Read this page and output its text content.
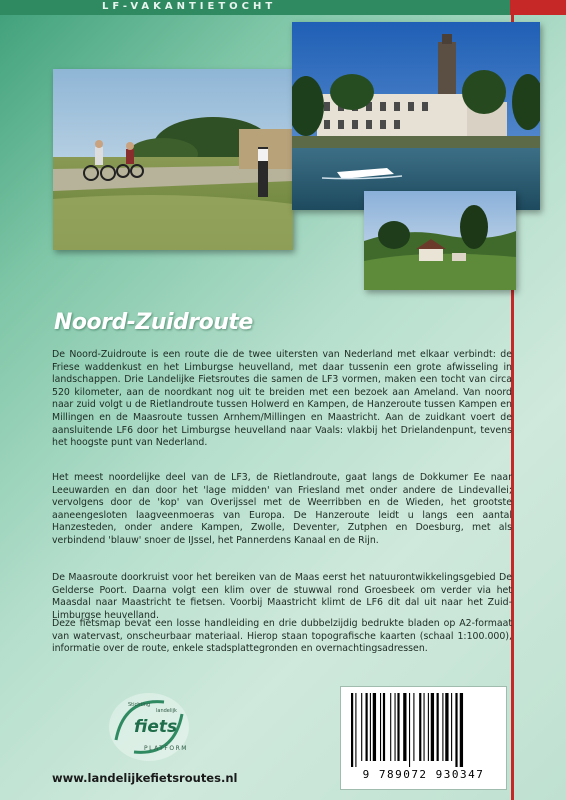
LF-VAKANTIETOCHT
Noord-Zuidroute

De Noord-Zuidroute is een route die de twee uitersten van Nederland met elkaar verbindt: de Friese waddenkust en het Limburgse heuvelland, met daar tussenin een grote afwisseling in landschappen. Drie Landelijke Fietsroutes die samen de LF3 vormen, maken een tocht van circa 520 kilometer, aan de noordkant nog uit te breiden met een bezoek aan Ameland. Van noord naar zuid volgt u de Rietlandroute tussen Holwerd en Kampen, de Hanzeroute tussen Kampen en Millingen en de Maasroute tussen Arnhem/Millingen en Maastricht. Aan de zuidkant voert de aansluitende LF6 door het Limburgse heuvelland naar Vaals: vlakbij het Drielandenpunt, tevens het hoogste punt van Nederland.

Het meest noordelijke deel van de LF3, de Rietlandroute, gaat langs de Dokkumer Ee naar Leeuwarden en dan door het 'lage midden' van Friesland met onder andere de Lindevallei; vervolgens door de 'kop' van Overijssel met de Weerribben en de Wieden, het grootste aaneengesloten laagveenmoeras van Europa. De Hanzeroute leidt u langs een aantal Hanzesteden, onder andere Kampen, Zwolle, Deventer, Zutphen en Doesburg, met als verbindend 'blauw' snoer de IJssel, het Pannerdens Kanaal en de Rijn.

De Maasroute doorkruist voor het bereiken van de Maas eerst het natuurontwikkelingsgebied De Gelderse Poort. Daarna volgt een klim over de stuwwal rond Groesbeek om verder via het Maasdal naar Maastricht te fietsen. Voorbij Maastricht klimt de LF6 dit dal uit naar het Zuid-Limburgse heuvelland.

Deze fietsmap bevat een losse handleiding en drie dubbelzijdig bedrukte bladen op A2-formaat van watervast, onscheurbaar materiaal. Hierop staan topografische kaarten (schaal 1:100.000), informatie over de route, enkele stadsplattegronden en overnachtingsadressen.

Stichting
landelijk
fiets
PLATFORM
www.landelijkefietsroutes.nl	9 789072 930347
